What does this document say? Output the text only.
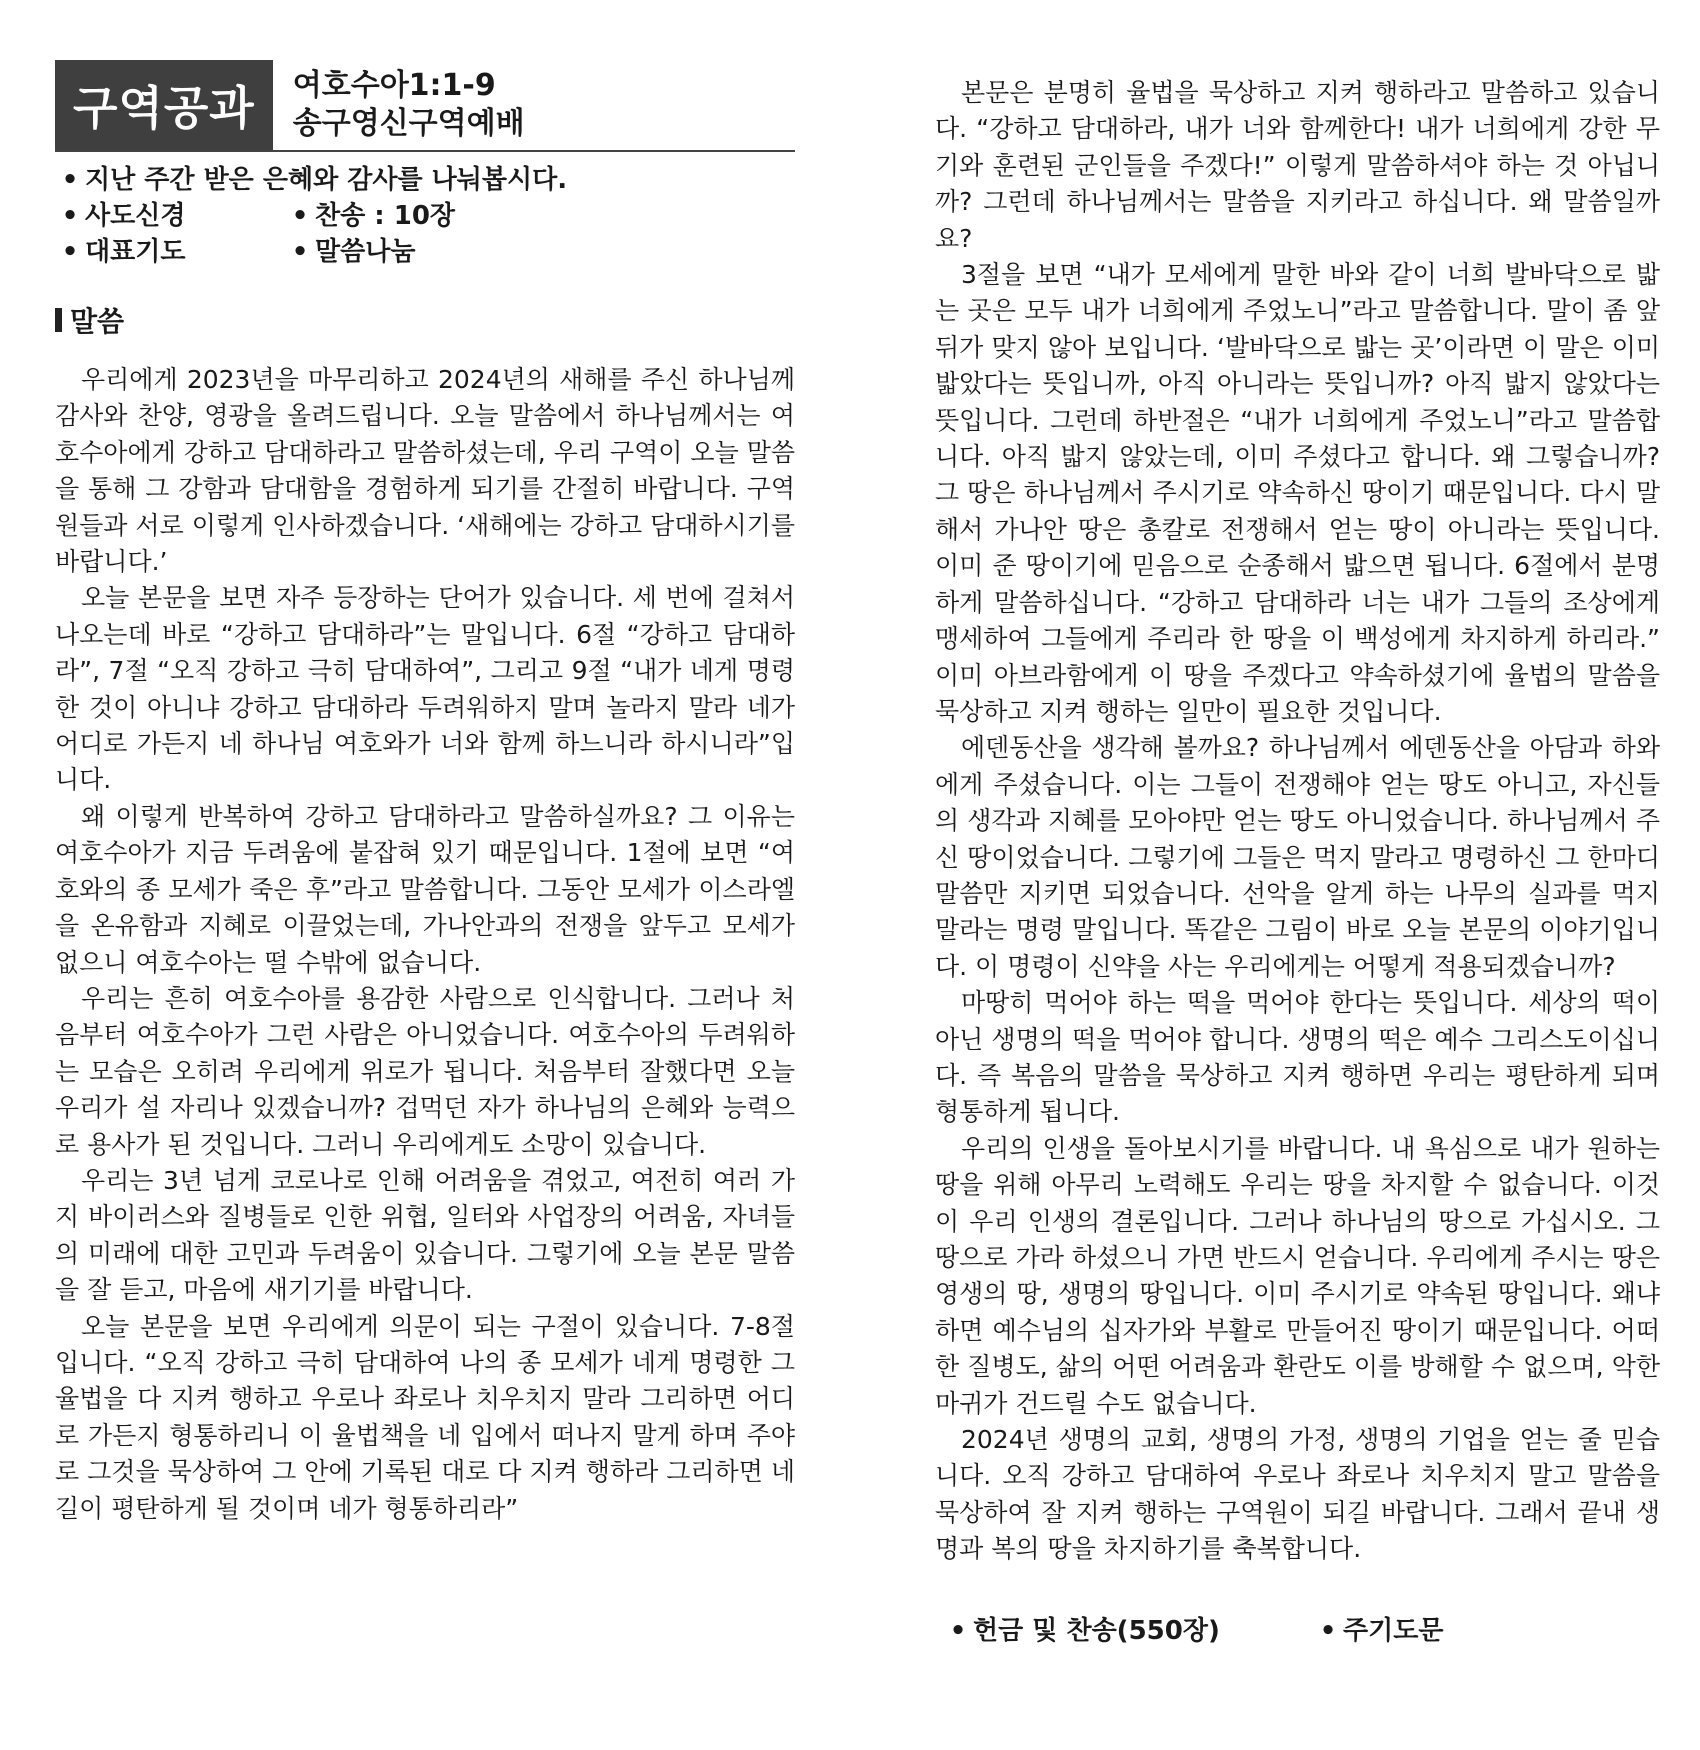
구역공과	여호수아1:1-9
송구영신구역예배
• 지난 주간 받은 은혜와 감사를 나눠봅시다.
• 사도신경	• 찬송 : 10장
• 대표기도	• 말씀나눔
말씀

우리에게 2023년을 마무리하고 2024년의 새해를 주신 하나님께 감사와 찬양, 영광을 올려드립니다. 오늘 말씀에서 하나님께서는 여호수아에게 강하고 담대하라고 말씀하셨는데, 우리 구역이 오늘 말씀을 통해 그 강함과 담대함을 경험하게 되기를 간절히 바랍니다. 구역원들과 서로 이렇게 인사하겠습니다. ‘새해에는 강하고 담대하시기를 바랍니다.’

오늘 본문을 보면 자주 등장하는 단어가 있습니다. 세 번에 걸쳐서 나오는데 바로 “강하고 담대하라”는 말입니다. 6절 “강하고 담대하라”, 7절 “오직 강하고 극히 담대하여”, 그리고 9절 “내가 네게 명령한 것이 아니냐 강하고 담대하라 두려워하지 말며 놀라지 말라 네가 어디로 가든지 네 하나님 여호와가 너와 함께 하느니라 하시니라”입니다.

왜 이렇게 반복하여 강하고 담대하라고 말씀하실까요? 그 이유는 여호수아가 지금 두려움에 붙잡혀 있기 때문입니다. 1절에 보면 “여호와의 종 모세가 죽은 후”라고 말씀합니다. 그동안 모세가 이스라엘을 온유함과 지혜로 이끌었는데, 가나안과의 전쟁을 앞두고 모세가 없으니 여호수아는 떨 수밖에 없습니다.

우리는 흔히 여호수아를 용감한 사람으로 인식합니다. 그러나 처음부터 여호수아가 그런 사람은 아니었습니다. 여호수아의 두려워하는 모습은 오히려 우리에게 위로가 됩니다. 처음부터 잘했다면 오늘 우리가 설 자리나 있겠습니까? 겁먹던 자가 하나님의 은혜와 능력으로 용사가 된 것입니다. 그러니 우리에게도 소망이 있습니다.

우리는 3년 넘게 코로나로 인해 어려움을 겪었고, 여전히 여러 가지 바이러스와 질병들로 인한 위협, 일터와 사업장의 어려움, 자녀들의 미래에 대한 고민과 두려움이 있습니다. 그렇기에 오늘 본문 말씀을 잘 듣고, 마음에 새기기를 바랍니다.

오늘 본문을 보면 우리에게 의문이 되는 구절이 있습니다. 7-8절입니다. “오직 강하고 극히 담대하여 나의 종 모세가 네게 명령한 그 율법을 다 지켜 행하고 우로나 좌로나 치우치지 말라 그리하면 어디로 가든지 형통하리니 이 율법책을 네 입에서 떠나지 말게 하며 주야로 그것을 묵상하여 그 안에 기록된 대로 다 지켜 행하라 그리하면 네 길이 평탄하게 될 것이며 네가 형통하리라”

본문은 분명히 율법을 묵상하고 지켜 행하라고 말씀하고 있습니다. “강하고 담대하라, 내가 너와 함께한다! 내가 너희에게 강한 무기와 훈련된 군인들을 주겠다!” 이렇게 말씀하셔야 하는 것 아닙니까? 그런데 하나님께서는 말씀을 지키라고 하십니다. 왜 말씀일까요?

3절을 보면 “내가 모세에게 말한 바와 같이 너희 발바닥으로 밟는 곳은 모두 내가 너희에게 주었노니”라고 말씀합니다. 말이 좀 앞뒤가 맞지 않아 보입니다. ‘발바닥으로 밟는 곳’이라면 이 말은 이미 밟았다는 뜻입니까, 아직 아니라는 뜻입니까? 아직 밟지 않았다는 뜻입니다. 그런데 하반절은 “내가 너희에게 주었노니”라고 말씀합니다. 아직 밟지 않았는데, 이미 주셨다고 합니다. 왜 그렇습니까? 그 땅은 하나님께서 주시기로 약속하신 땅이기 때문입니다. 다시 말해서 가나안 땅은 총칼로 전쟁해서 얻는 땅이 아니라는 뜻입니다. 이미 준 땅이기에 믿음으로 순종해서 밟으면 됩니다. 6절에서 분명하게 말씀하십니다. “강하고 담대하라 너는 내가 그들의 조상에게 맹세하여 그들에게 주리라 한 땅을 이 백성에게 차지하게 하리라.” 이미 아브라함에게 이 땅을 주겠다고 약속하셨기에 율법의 말씀을 묵상하고 지켜 행하는 일만이 필요한 것입니다.

에덴동산을 생각해 볼까요? 하나님께서 에덴동산을 아담과 하와에게 주셨습니다. 이는 그들이 전쟁해야 얻는 땅도 아니고, 자신들의 생각과 지혜를 모아야만 얻는 땅도 아니었습니다. 하나님께서 주신 땅이었습니다. 그렇기에 그들은 먹지 말라고 명령하신 그 한마디 말씀만 지키면 되었습니다. 선악을 알게 하는 나무의 실과를 먹지 말라는 명령 말입니다. 똑같은 그림이 바로 오늘 본문의 이야기입니다. 이 명령이 신약을 사는 우리에게는 어떻게 적용되겠습니까?

마땅히 먹어야 하는 떡을 먹어야 한다는 뜻입니다. 세상의 떡이 아닌 생명의 떡을 먹어야 합니다. 생명의 떡은 예수 그리스도이십니다. 즉 복음의 말씀을 묵상하고 지켜 행하면 우리는 평탄하게 되며 형통하게 됩니다.

우리의 인생을 돌아보시기를 바랍니다. 내 욕심으로 내가 원하는 땅을 위해 아무리 노력해도 우리는 땅을 차지할 수 없습니다. 이것이 우리 인생의 결론입니다. 그러나 하나님의 땅으로 가십시오. 그 땅으로 가라 하셨으니 가면 반드시 얻습니다. 우리에게 주시는 땅은 영생의 땅, 생명의 땅입니다. 이미 주시기로 약속된 땅입니다. 왜냐하면 예수님의 십자가와 부활로 만들어진 땅이기 때문입니다. 어떠한 질병도, 삶의 어떤 어려움과 환란도 이를 방해할 수 없으며, 악한 마귀가 건드릴 수도 없습니다.

2024년 생명의 교회, 생명의 가정, 생명의 기업을 얻는 줄 믿습니다. 오직 강하고 담대하여 우로나 좌로나 치우치지 말고 말씀을 묵상하여 잘 지켜 행하는 구역원이 되길 바랍니다. 그래서 끝내 생명과 복의 땅을 차지하기를 축복합니다.

• 헌금 및 찬송(550장)	• 주기도문
